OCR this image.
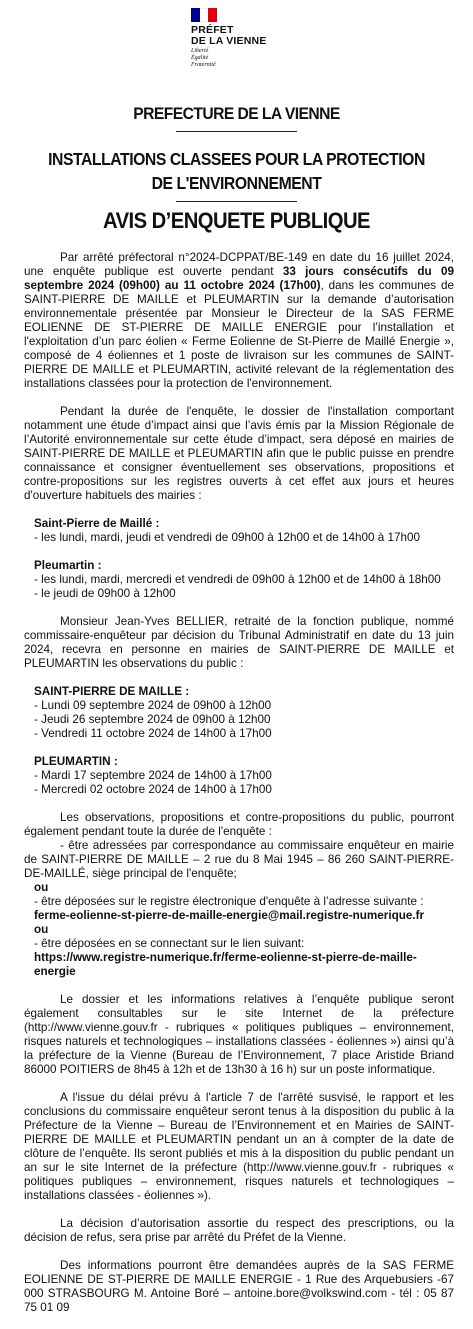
PRÉFET
DE LA VIENNE
Liberté
Égalité
Fraternité
PREFECTURE DE LA VIENNE
INSTALLATIONS CLASSEES POUR LA PROTECTION DE L'ENVIRONNEMENT
AVIS D’ENQUETE PUBLIQUE

Par arrêté préfectoral n°2024-DCPPAT/BE-149 en date du 16 juillet 2024, une enquête publique est ouverte pendant 33 jours consécutifs du 09 septembre 2024 (09h00) au 11 octobre 2024 (17h00), dans les communes de SAINT-PIERRE DE MAILLE et PLEUMARTIN sur la demande d’autorisation environnementale présentée par Monsieur le Directeur de la SAS FERME EOLIENNE DE ST-PIERRE DE MAILLE ENERGIE pour l’installation et l'exploitation d’un parc éolien « Ferme Eolienne de St-Pierre de Maillé Energie », composé de 4 éoliennes et 1 poste de livraison sur les communes de SAINT-PIERRE DE MAILLE et PLEUMARTIN, activité relevant de la réglementation des installations classées pour la protection de l'environnement.

Pendant la durée de l'enquête, le dossier de l'installation comportant notamment une étude d’impact ainsi que l’avis émis par la Mission Régionale de l’Autorité environnementale sur cette étude d’impact, sera déposé en mairies de SAINT-PIERRE DE MAILLE et PLEUMARTIN afin que le public puisse en prendre connaissance et consigner éventuellement ses observations, propositions et contre-propositions sur les registres ouverts à cet effet aux jours et heures d'ouverture habituels des mairies :

Saint-Pierre de Maillé :
- les lundi, mardi, jeudi et vendredi de 09h00 à 12h00 et de 14h00 à 17h00
Pleumartin :
- les lundi, mardi, mercredi et vendredi de 09h00 à 12h00 et de 14h00 à 18h00
- le jeudi de 09h00 à 12h00

Monsieur Jean-Yves BELLIER, retraité de la fonction publique, nommé commissaire-enquêteur par décision du Tribunal Administratif en date du 13 juin 2024, recevra en personne en mairies de SAINT-PIERRE DE MAILLE et PLEUMARTIN les observations du public :

SAINT-PIERRE DE MAILLE :
- Lundi 09 septembre 2024 de 09h00 à 12h00
- Jeudi 26 septembre 2024 de 09h00 à 12h00
- Vendredi 11 octobre 2024 de 14h00 à 17h00
PLEUMARTIN :
- Mardi 17 septembre 2024 de 14h00 à 17h00
- Mercredi 02 octobre 2024 de 14h00 à 17h00

Les observations, propositions et contre-propositions du public, pourront également pendant toute la durée de l'enquête :

- être adressées par correspondance au commissaire enquêteur en mairie de SAINT-PIERRE DE MAILLE – 2 rue du 8 Mai 1945 – 86 260 SAINT-PIERRE-DE-MAILLÉ, siège principal de l'enquête;

ou
- être déposées sur le registre électronique d'enquête à l’adresse suivante :
ferme-eolienne-st-pierre-de-maille-energie@mail.registre-numerique.fr
ou
- être déposées en se connectant sur le lien suivant:
https://www.registre-numerique.fr/ferme-eolienne-st-pierre-de-maille-energie

Le dossier et les informations relatives à l’enquête publique seront également consultables sur le site Internet de la préfecture (http://www.vienne.gouv.fr - rubriques « politiques publiques – environnement, risques naturels et technologiques – installations classées - éoliennes ») ainsi qu’à la préfecture de la Vienne (Bureau de l’Environnement, 7 place Aristide Briand 86000 POITIERS de 8h45 à 12h et de 13h30 à 16 h) sur un poste informatique.

A l'issue du délai prévu à l'article 7 de l'arrêté susvisé, le rapport et les conclusions du commissaire enquêteur seront tenus à la disposition du public à la Préfecture de la Vienne – Bureau de l’Environnement et en Mairies de SAINT-PIERRE DE MAILLE et PLEUMARTIN pendant un an à compter de la date de clôture de l’enquête. Ils seront publiés et mis à la disposition du public pendant un an sur le site Internet de la préfecture (http://www.vienne.gouv.fr - rubriques « politiques publiques – environnement, risques naturels et technologiques – installations classées - éoliennes »).

La décision d’autorisation assortie du respect des prescriptions, ou la décision de refus, sera prise par arrêté du Préfet de la Vienne.

Des informations pourront être demandées auprès de la SAS FERME EOLIENNE DE ST-PIERRE DE MAILLE ENERGIE - 1 Rue des Arquebusiers -67 000 STRASBOURG M. Antoine Boré – antoine.bore@volkswind.com - tél : 05 87 75 01 09
